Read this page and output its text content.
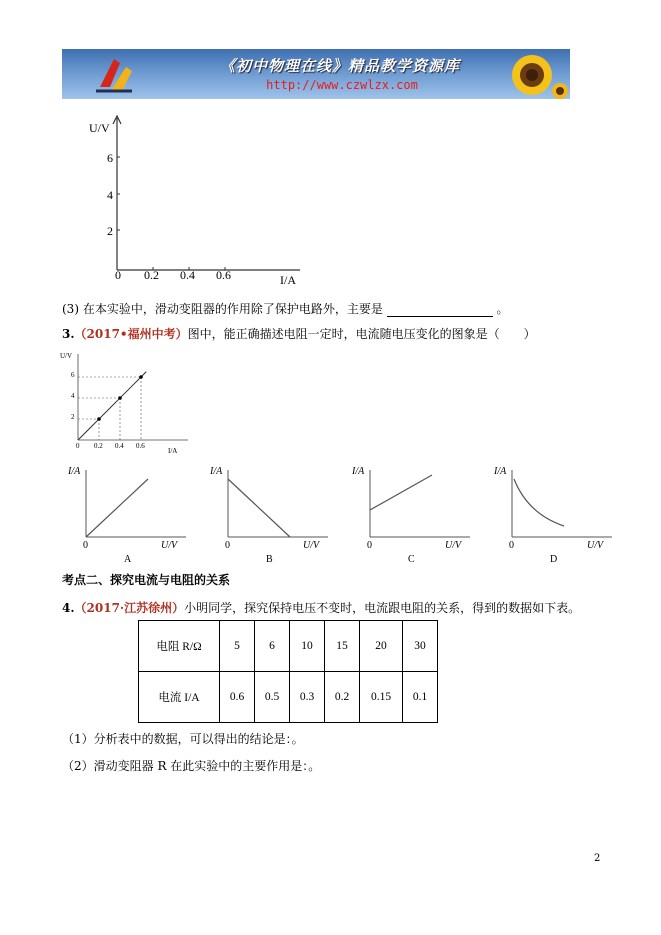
《初中物理在线》精品教学资源库
http://www.czwlzx.com
U/V
2
4
6
0 0.2 0.4 0.6	I/A
(3) 在本实验中，滑动变阻器的作用除了保护电路外，主要是	。
3.（2017•福州中考）图中，能正确描述电阻一定时，电流随电压变化的图象是（　　）
U/V
2
4
6
0 0.2 0.4 0.6
I/A
I/A
0	U/V
A
I/A
0	U/V
B
I/A
0	U/V
C
I/A
0	U/V
D
考点二、探究电流与电阻的关系
4.（2017·江苏徐州）小明同学，探究保持电压不变时，电流跟电阻的关系，得到的数据如下表。
电阻 R/Ω	5	6	10	15	20	30
电流 I/A	0.6	0.5	0.3	0.2	0.15	0.1
（1）分析表中的数据，可以得出的结论是：。
（2）滑动变阻器 R 在此实验中的主要作用是：。
2
